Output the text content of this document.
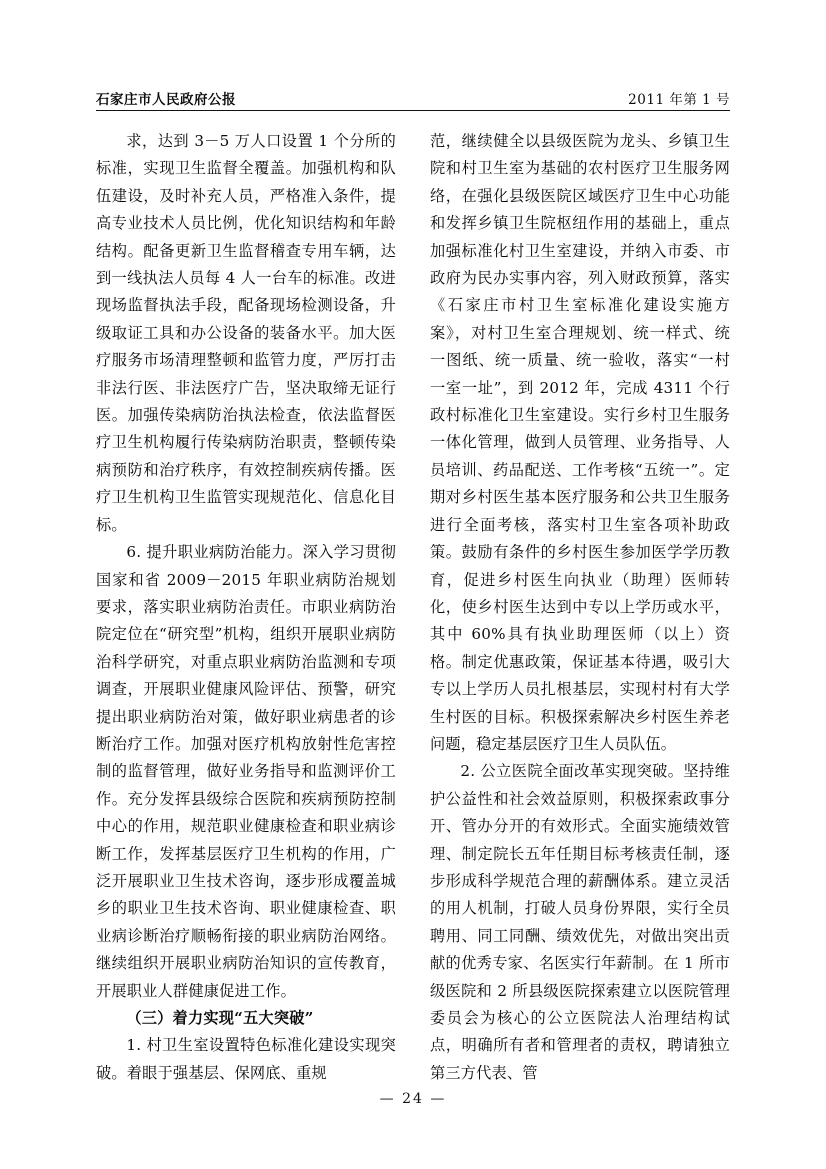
石家庄市人民政府公报	2011 年第 1 号

求，达到 3－5 万人口设置 1 个分所的标准，实现卫生监督全覆盖。加强机构和队伍建设，及时补充人员，严格准入条件，提高专业技术人员比例，优化知识结构和年龄结构。配备更新卫生监督稽查专用车辆，达到一线执法人员每 4 人一台车的标准。改进现场监督执法手段，配备现场检测设备，升级取证工具和办公设备的装备水平。加大医疗服务市场清理整顿和监管力度，严厉打击非法行医、非法医疗广告，坚决取缔无证行医。加强传染病防治执法检查，依法监督医疗卫生机构履行传染病防治职责，整顿传染病预防和治疗秩序，有效控制疾病传播。医疗卫生机构卫生监管实现规范化、信息化目标。

6. 提升职业病防治能力。深入学习贯彻国家和省 2009－2015 年职业病防治规划要求，落实职业病防治责任。市职业病防治院定位在“研究型”机构，组织开展职业病防治科学研究，对重点职业病防治监测和专项调查，开展职业健康风险评估、预警，研究提出职业病防治对策，做好职业病患者的诊断治疗工作。加强对医疗机构放射性危害控制的监督管理，做好业务指导和监测评价工作。充分发挥县级综合医院和疾病预防控制中心的作用，规范职业健康检查和职业病诊断工作，发挥基层医疗卫生机构的作用，广泛开展职业卫生技术咨询，逐步形成覆盖城乡的职业卫生技术咨询、职业健康检查、职业病诊断治疗顺畅衔接的职业病防治网络。继续组织开展职业病防治知识的宣传教育，开展职业人群健康促进工作。

（三）着力实现“五大突破”

1. 村卫生室设置特色标准化建设实现突破。着眼于强基层、保网底、重规

范，继续健全以县级医院为龙头、乡镇卫生院和村卫生室为基础的农村医疗卫生服务网络，在强化县级医院区域医疗卫生中心功能和发挥乡镇卫生院枢纽作用的基础上，重点加强标准化村卫生室建设，并纳入市委、市政府为民办实事内容，列入财政预算，落实《石家庄市村卫生室标准化建设实施方案》，对村卫生室合理规划、统一样式、统一图纸、统一质量、统一验收，落实“一村一室一址”，到 2012 年，完成 4311 个行政村标准化卫生室建设。实行乡村卫生服务一体化管理，做到人员管理、业务指导、人员培训、药品配送、工作考核“五统一”。定期对乡村医生基本医疗服务和公共卫生服务进行全面考核，落实村卫生室各项补助政策。鼓励有条件的乡村医生参加医学学历教育，促进乡村医生向执业（助理）医师转化，使乡村医生达到中专以上学历或水平，其中 60%具有执业助理医师（以上）资格。制定优惠政策，保证基本待遇，吸引大专以上学历人员扎根基层，实现村村有大学生村医的目标。积极探索解决乡村医生养老问题，稳定基层医疗卫生人员队伍。

2. 公立医院全面改革实现突破。坚持维护公益性和社会效益原则，积极探索政事分开、管办分开的有效形式。全面实施绩效管理、制定院长五年任期目标考核责任制，逐步形成科学规范合理的薪酬体系。建立灵活的用人机制，打破人员身份界限，实行全员聘用、同工同酬、绩效优先，对做出突出贡献的优秀专家、名医实行年薪制。在 1 所市级医院和 2 所县级医院探索建立以医院管理委员会为核心的公立医院法人治理结构试点，明确所有者和管理者的责权，聘请独立第三方代表、管

— 24 —
